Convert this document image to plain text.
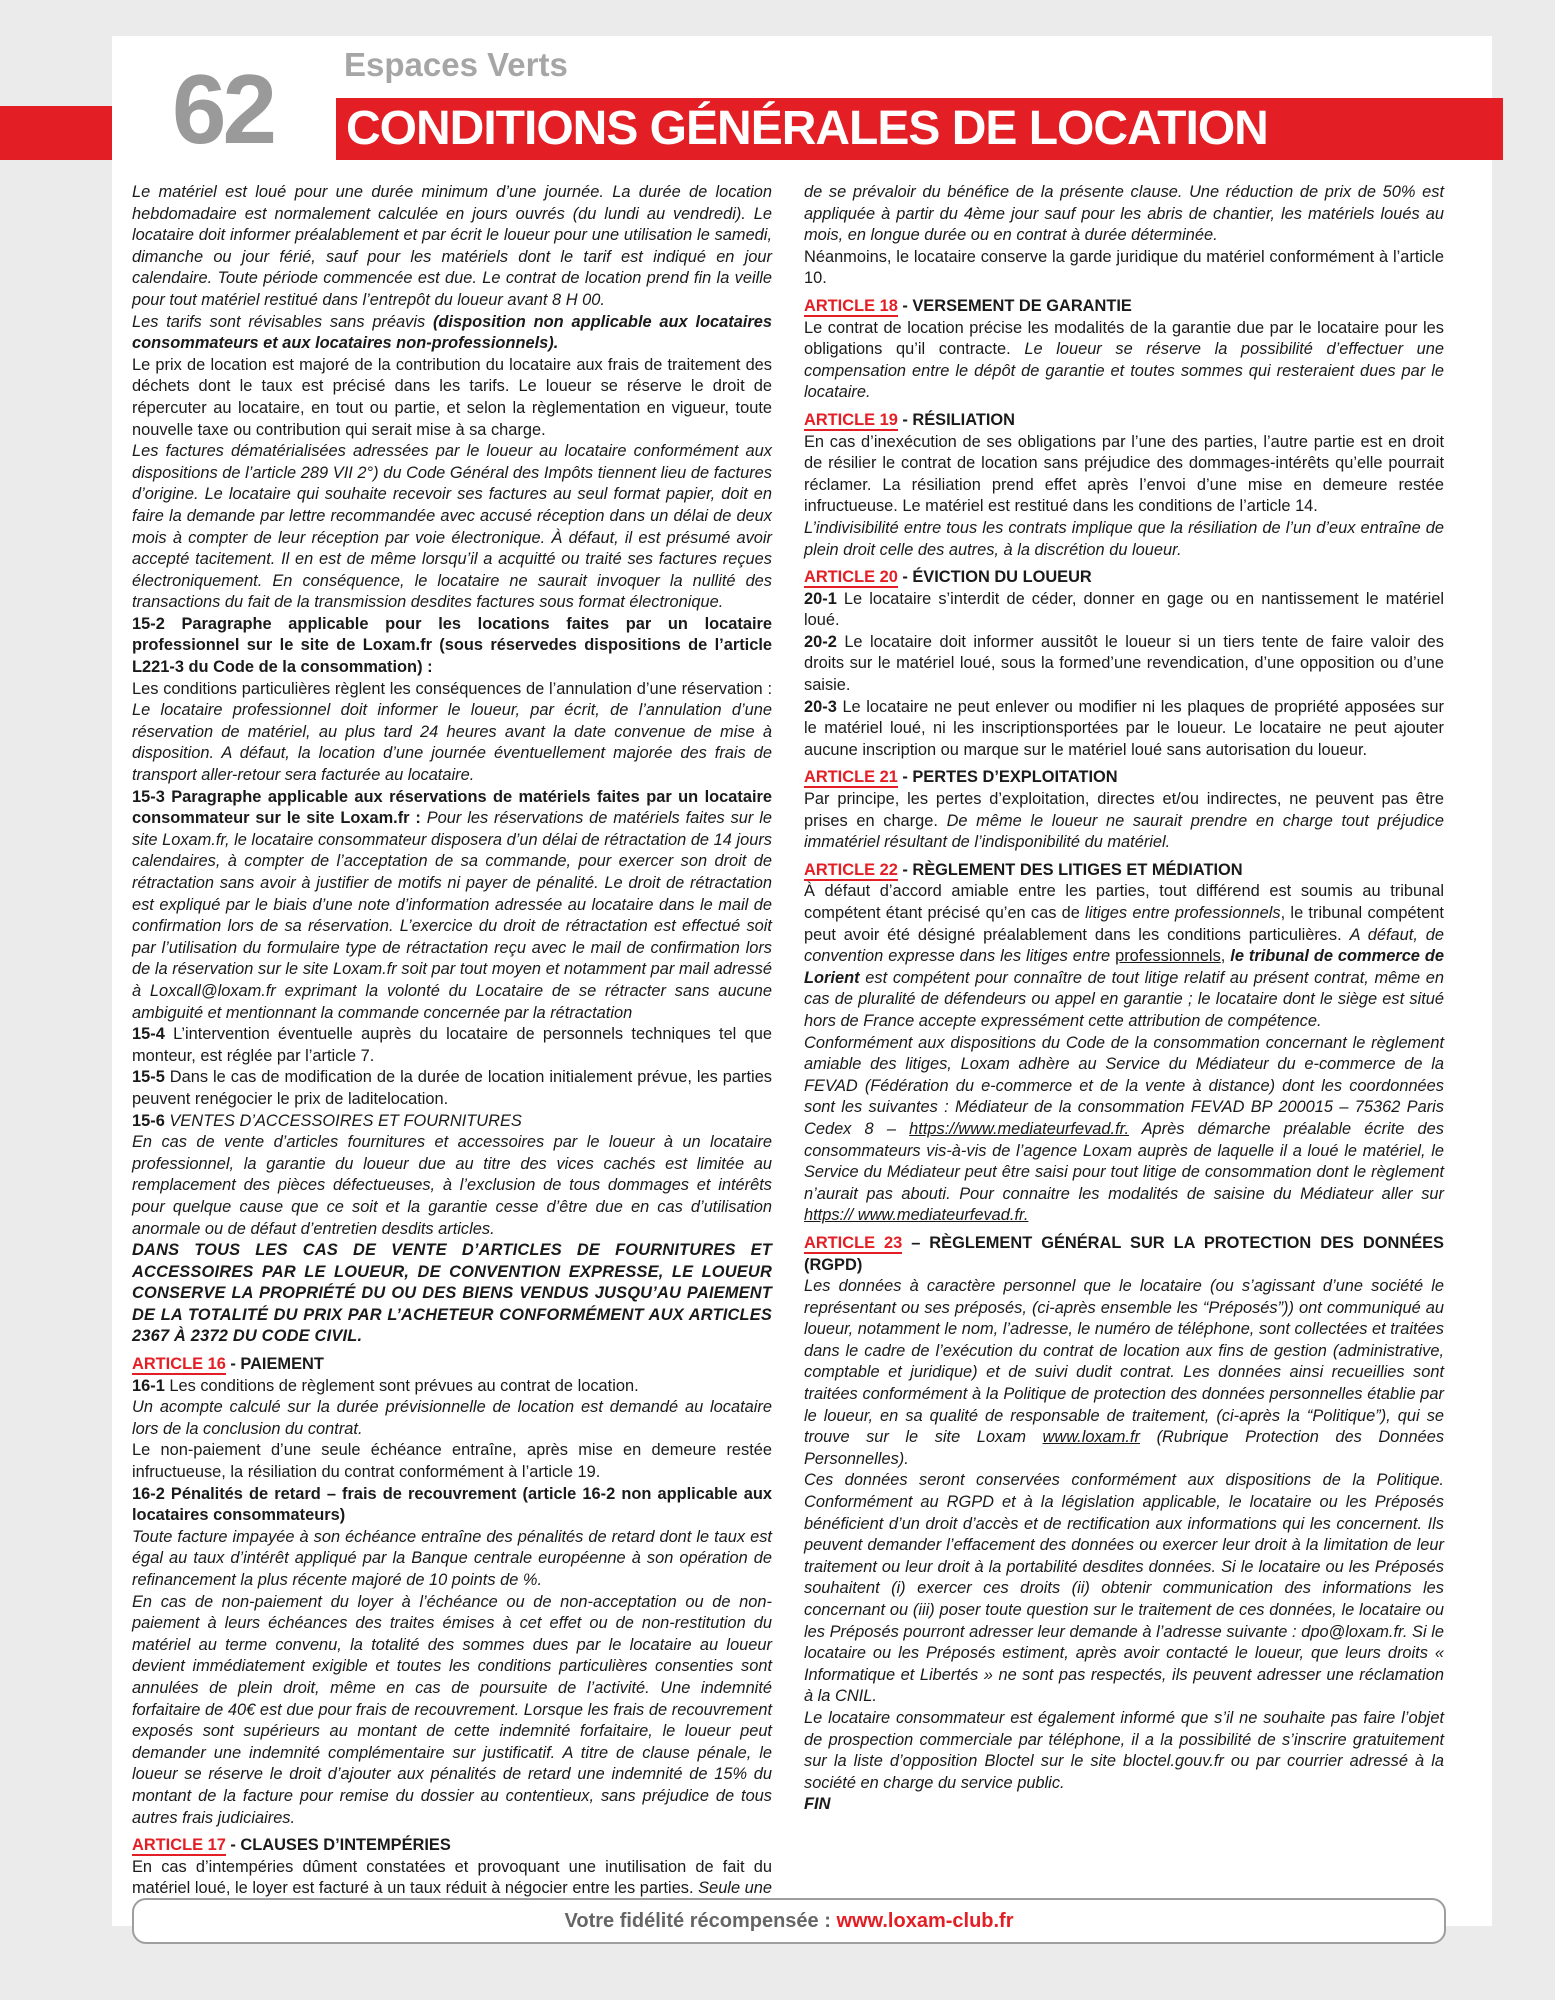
Espaces Verts
62	CONDITIONS GÉNÉRALES DE LOCATION

Le matériel est loué pour une durée minimum d’une journée. La durée de location hebdomadaire est normalement calculée en jours ouvrés (du lundi au vendredi). Le locataire doit informer préalablement et par écrit le loueur pour une utilisation le samedi, dimanche ou jour férié, sauf pour les matériels dont le tarif est indiqué en jour calendaire. Toute période commencée est due. Le contrat de location prend fin la veille pour tout matériel restitué dans l’entrepôt du loueur avant 8 H 00.

Les tarifs sont révisables sans préavis (disposition non applicable aux locataires consommateurs et aux locataires non-professionnels).

Le prix de location est majoré de la contribution du locataire aux frais de traitement des déchets dont le taux est précisé dans les tarifs. Le loueur se réserve le droit de répercuter au locataire, en tout ou partie, et selon la règlementation en vigueur, toute nouvelle taxe ou contribution qui serait mise à sa charge.

Les factures dématérialisées adressées par le loueur au locataire conformément aux dispositions de l’article 289 VII 2°) du Code Général des Impôts tiennent lieu de factures d’origine. Le locataire qui souhaite recevoir ses factures au seul format papier, doit en faire la demande par lettre recommandée avec accusé réception dans un délai de deux mois à compter de leur réception par voie électronique. À défaut, il est présumé avoir accepté tacitement. Il en est de même lorsqu’il a acquitté ou traité ses factures reçues électroniquement. En conséquence, le locataire ne saurait invoquer la nullité des transactions du fait de la transmission desdites factures sous format électronique.

15-2 Paragraphe applicable pour les locations faites par un locataire professionnel sur le site de Loxam.fr (sous réservedes dispositions de l’article L221-3 du Code de la consommation) :

Les conditions particulières règlent les conséquences de l’annulation d’une réservation : Le locataire professionnel doit informer le loueur, par écrit, de l’annulation d’une réservation de matériel, au plus tard 24 heures avant la date convenue de mise à disposition. A défaut, la location d’une journée éventuellement majorée des frais de transport aller-retour sera facturée au locataire.

15-3 Paragraphe applicable aux réservations de matériels faites par un locataire consommateur sur le site Loxam.fr : Pour les réservations de matériels faites sur le site Loxam.fr, le locataire consommateur disposera d’un délai de rétractation de 14 jours calendaires, à compter de l’acceptation de sa commande, pour exercer son droit de rétractation sans avoir à justifier de motifs ni payer de pénalité. Le droit de rétractation est expliqué par le biais d’une note d’information adressée au locataire dans le mail de confirmation lors de sa réservation. L’exercice du droit de rétractation est effectué soit par l’utilisation du formulaire type de rétractation reçu avec le mail de confirmation lors de la réservation sur le site Loxam.fr soit par tout moyen et notamment par mail adressé à Loxcall@loxam.fr exprimant la volonté du Locataire de se rétracter sans aucune ambiguité et mentionnant la commande concernée par la rétractation

15-4 L’intervention éventuelle auprès du locataire de personnels techniques tel que monteur, est réglée par l’article 7.

15-5 Dans le cas de modification de la durée de location initialement prévue, les parties peuvent renégocier le prix de laditelocation.

15-6 VENTES D’ACCESSOIRES ET FOURNITURES

En cas de vente d’articles fournitures et accessoires par le loueur à un locataire professionnel, la garantie du loueur due au titre des vices cachés est limitée au remplacement des pièces défectueuses, à l’exclusion de tous dommages et intérêts pour quelque cause que ce soit et la garantie cesse d’être due en cas d’utilisation anormale ou de défaut d’entretien desdits articles.

DANS TOUS LES CAS DE VENTE D’ARTICLES DE FOURNITURES ET ACCESSOIRES PAR LE LOUEUR, DE CONVENTION EXPRESSE, LE LOUEUR CONSERVE LA PROPRIÉTÉ DU OU DES BIENS VENDUS JUSQU’AU PAIEMENT DE LA TOTALITÉ DU PRIX PAR L’ACHETEUR CONFORMÉMENT AUX ARTICLES 2367 À 2372 DU CODE CIVIL.

ARTICLE 16 - PAIEMENT

16-1 Les conditions de règlement sont prévues au contrat de location.

Un acompte calculé sur la durée prévisionnelle de location est demandé au locataire lors de la conclusion du contrat.

Le non-paiement d’une seule échéance entraîne, après mise en demeure restée infructueuse, la résiliation du contrat conformément à l’article 19.

16-2 Pénalités de retard – frais de recouvrement (article 16-2 non applicable aux locataires consommateurs)

Toute facture impayée à son échéance entraîne des pénalités de retard dont le taux est égal au taux d’intérêt appliqué par la Banque centrale européenne à son opération de refinancement la plus récente majoré de 10 points de %.

En cas de non-paiement du loyer à l’échéance ou de non-acceptation ou de non-paiement à leurs échéances des traites émises à cet effet ou de non-restitution du matériel au terme convenu, la totalité des sommes dues par le locataire au loueur devient immédiatement exigible et toutes les conditions particulières consenties sont annulées de plein droit, même en cas de poursuite de l’activité. Une indemnité forfaitaire de 40€ est due pour frais de recouvrement. Lorsque les frais de recouvrement exposés sont supérieurs au montant de cette indemnité forfaitaire, le loueur peut demander une indemnité complémentaire sur justificatif. A titre de clause pénale, le loueur se réserve le droit d’ajouter aux pénalités de retard une indemnité de 15% du montant de la facture pour remise du dossier au contentieux, sans préjudice de tous autres frais judiciaires.

ARTICLE 17 - CLAUSES D’INTEMPÉRIES

En cas d’intempéries dûment constatées et provoquant une inutilisation de fait du matériel loué, le loyer est facturé à un taux réduit à négocier entre les parties. Seule une

de se prévaloir du bénéfice de la présente clause. Une réduction de prix de 50% est appliquée à partir du 4ème jour sauf pour les abris de chantier, les matériels loués au mois, en longue durée ou en contrat à durée déterminée.

Néanmoins, le locataire conserve la garde juridique du matériel conformément à l’article 10.

ARTICLE 18 - VERSEMENT DE GARANTIE

Le contrat de location précise les modalités de la garantie due par le locataire pour les obligations qu’il contracte. Le loueur se réserve la possibilité d’effectuer une compensation entre le dépôt de garantie et toutes sommes qui resteraient dues par le locataire.

ARTICLE 19 - RÉSILIATION

En cas d’inexécution de ses obligations par l’une des parties, l’autre partie est en droit de résilier le contrat de location sans préjudice des dommages-intérêts qu’elle pourrait réclamer. La résiliation prend effet après l’envoi d’une mise en demeure restée infructueuse. Le matériel est restitué dans les conditions de l’article 14.

L’indivisibilité entre tous les contrats implique que la résiliation de l’un d’eux entraîne de plein droit celle des autres, à la discrétion du loueur.

ARTICLE 20 - ÉVICTION DU LOUEUR

20-1 Le locataire s’interdit de céder, donner en gage ou en nantissement le matériel loué.

20-2 Le locataire doit informer aussitôt le loueur si un tiers tente de faire valoir des droits sur le matériel loué, sous la formed’une revendication, d’une opposition ou d’une saisie.

20-3 Le locataire ne peut enlever ou modifier ni les plaques de propriété apposées sur le matériel loué, ni les inscriptionsportées par le loueur. Le locataire ne peut ajouter aucune inscription ou marque sur le matériel loué sans autorisation du loueur.

ARTICLE 21 - PERTES D’EXPLOITATION

Par principe, les pertes d’exploitation, directes et/ou indirectes, ne peuvent pas être prises en charge. De même le loueur ne saurait prendre en charge tout préjudice immatériel résultant de l’indisponibilité du matériel.

ARTICLE 22 - RÈGLEMENT DES LITIGES ET MÉDIATION

À défaut d’accord amiable entre les parties, tout différend est soumis au tribunal compétent étant précisé qu’en cas de litiges entre professionnels, le tribunal compétent peut avoir été désigné préalablement dans les conditions particulières. A défaut, de convention expresse dans les litiges entre professionnels, le tribunal de commerce de Lorient est compétent pour connaître de tout litige relatif au présent contrat, même en cas de pluralité de défendeurs ou appel en garantie ; le locataire dont le siège est situé hors de France accepte expressément cette attribution de compétence.

Conformément aux dispositions du Code de la consommation concernant le règlement amiable des litiges, Loxam adhère au Service du Médiateur du e-commerce de la FEVAD (Fédération du e-commerce et de la vente à distance) dont les coordonnées sont les suivantes : Médiateur de la consommation FEVAD BP 200015 – 75362 Paris Cedex 8 – https://www.mediateurfevad.fr. Après démarche préalable écrite des consommateurs vis-à-vis de l’agence Loxam auprès de laquelle il a loué le matériel, le Service du Médiateur peut être saisi pour tout litige de consommation dont le règlement n’aurait pas abouti. Pour connaitre les modalités de saisine du Médiateur aller sur https:// www.mediateurfevad.fr.

ARTICLE 23 – RÈGLEMENT GÉNÉRAL SUR LA PROTECTION DES DONNÉES (RGPD)

Les données à caractère personnel que le locataire (ou s’agissant d’une société le représentant ou ses préposés, (ci-après ensemble les “Préposés”)) ont communiqué au loueur, notamment le nom, l’adresse, le numéro de téléphone, sont collectées et traitées dans le cadre de l’exécution du contrat de location aux fins de gestion (administrative, comptable et juridique) et de suivi dudit contrat. Les données ainsi recueillies sont traitées conformément à la Politique de protection des données personnelles établie par le loueur, en sa qualité de responsable de traitement, (ci-après la “Politique”), qui se trouve sur le site Loxam www.loxam.fr (Rubrique Protection des Données Personnelles).

Ces données seront conservées conformément aux dispositions de la Politique. Conformément au RGPD et à la législation applicable, le locataire ou les Préposés bénéficient d’un droit d’accès et de rectification aux informations qui les concernent. Ils peuvent demander l’effacement des données ou exercer leur droit à la limitation de leur traitement ou leur droit à la portabilité desdites données. Si le locataire ou les Préposés souhaitent (i) exercer ces droits (ii) obtenir communication des informations les concernant ou (iii) poser toute question sur le traitement de ces données, le locataire ou les Préposés pourront adresser leur demande à l’adresse suivante : dpo@loxam.fr. Si le locataire ou les Préposés estiment, après avoir contacté le loueur, que leurs droits « Informatique et Libertés » ne sont pas respectés, ils peuvent adresser une réclamation à la CNIL.

Le locataire consommateur est également informé que s’il ne souhaite pas faire l’objet de prospection commerciale par téléphone, il a la possibilité de s’inscrire gratuitement sur la liste d’opposition Bloctel sur le site bloctel.gouv.fr ou par courrier adressé à la société en charge du service public.

FIN

Votre fidélité récompensée : www.loxam-club.fr
